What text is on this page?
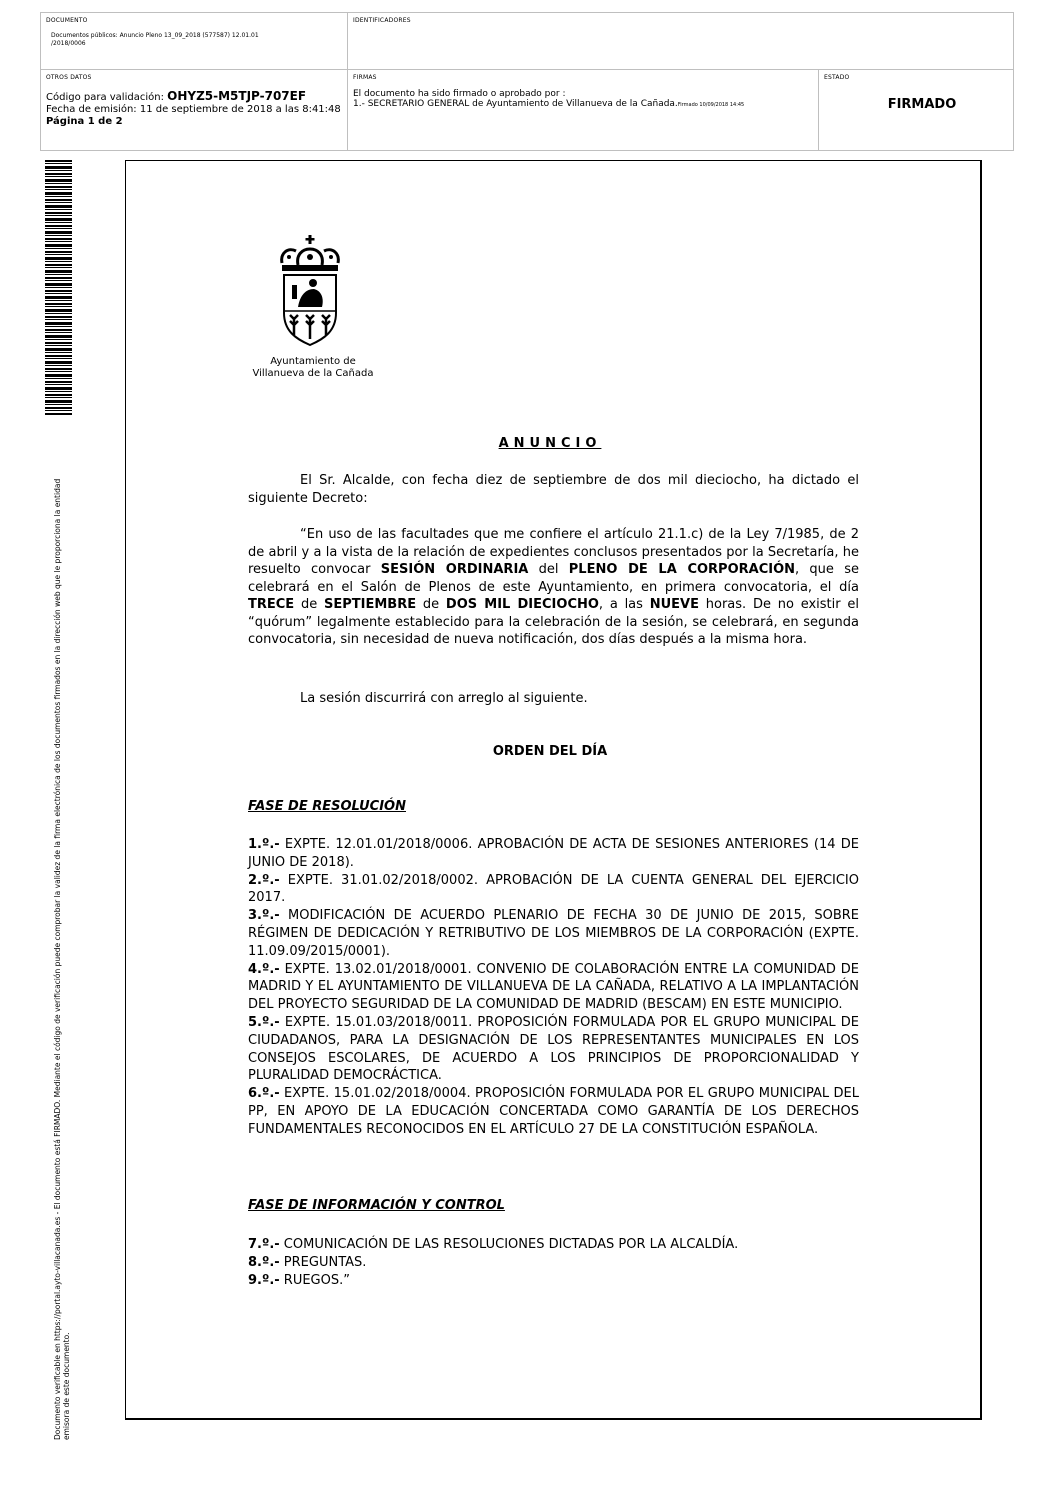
DOCUMENTO
Documentos públicos: Anuncio Pleno 13_09_2018 (577587) 12.01.01 /2018/0006
IDENTIFICADORES
OTROS DATOS
Código para validación: OHYZ5-M5TJP-707EF
Fecha de emisión: 11 de septiembre de 2018 a las 8:41:48
Página 1 de 2
FIRMAS
El documento ha sido firmado o aprobado por :
1.- SECRETARIO GENERAL de Ayuntamiento de Villanueva de la Cañada.Firmado 10/09/2018 14:45
ESTADO
FIRMADO
Documento verificable en https://portal.ayto-villacanada.es - El documento está FIRMADO. Mediante el código de verificación puede comprobar la validez de la firma electrónica de los documentos firmados en la dirección web que le proporciona la entidad emisora de este documento.
Ayuntamiento de
Villanueva de la Cañada
ANUNCIO
El Sr. Alcalde, con fecha diez de septiembre de dos mil dieciocho, ha dictado el siguiente Decreto:
“En uso de las facultades que me confiere el artículo 21.1.c) de la Ley 7/1985, de 2 de abril y a la vista de la relación de expedientes conclusos presentados por la Secretaría, he resuelto convocar SESIÓN ORDINARIA del PLENO DE LA CORPORACIÓN, que se celebrará en el Salón de Plenos de este Ayuntamiento, en primera convocatoria, el día TRECE de SEPTIEMBRE de DOS MIL DIECIOCHO, a las NUEVE horas. De no existir el “quórum” legalmente establecido para la celebración de la sesión, se celebrará, en segunda convocatoria, sin necesidad de nueva notificación, dos días después a la misma hora.
La sesión discurrirá con arreglo al siguiente.
ORDEN DEL DÍA
FASE DE RESOLUCIÓN

1.º.- EXPTE. 12.01.01/2018/0006. APROBACIÓN DE ACTA DE SESIONES ANTERIORES (14 DE JUNIO DE 2018).

2.º.- EXPTE. 31.01.02/2018/0002. APROBACIÓN DE LA CUENTA GENERAL DEL EJERCICIO 2017.

3.º.- MODIFICACIÓN DE ACUERDO PLENARIO DE FECHA 30 DE JUNIO DE 2015, SOBRE RÉGIMEN DE DEDICACIÓN Y RETRIBUTIVO DE LOS MIEMBROS DE LA CORPORACIÓN (EXPTE. 11.09.09/2015/0001).

4.º.- EXPTE. 13.02.01/2018/0001. CONVENIO DE COLABORACIÓN ENTRE LA COMUNIDAD DE MADRID Y EL AYUNTAMIENTO DE VILLANUEVA DE LA CAÑADA, RELATIVO A LA IMPLANTACIÓN DEL PROYECTO SEGURIDAD DE LA COMUNIDAD DE MADRID (BESCAM) EN ESTE MUNICIPIO.

5.º.- EXPTE. 15.01.03/2018/0011. PROPOSICIÓN FORMULADA POR EL GRUPO MUNICIPAL DE CIUDADANOS, PARA LA DESIGNACIÓN DE LOS REPRESENTANTES MUNICIPALES EN LOS CONSEJOS ESCOLARES, DE ACUERDO A LOS PRINCIPIOS DE PROPORCIONALIDAD Y PLURALIDAD DEMOCRÁCTICA.

6.º.- EXPTE. 15.01.02/2018/0004. PROPOSICIÓN FORMULADA POR EL GRUPO MUNICIPAL DEL PP, EN APOYO DE LA EDUCACIÓN CONCERTADA COMO GARANTÍA DE LOS DERECHOS FUNDAMENTALES RECONOCIDOS EN EL ARTÍCULO 27 DE LA CONSTITUCIÓN ESPAÑOLA.

FASE DE INFORMACIÓN Y CONTROL

7.º.- COMUNICACIÓN DE LAS RESOLUCIONES DICTADAS POR LA ALCALDÍA.

8.º.- PREGUNTAS.

9.º.- RUEGOS.”
